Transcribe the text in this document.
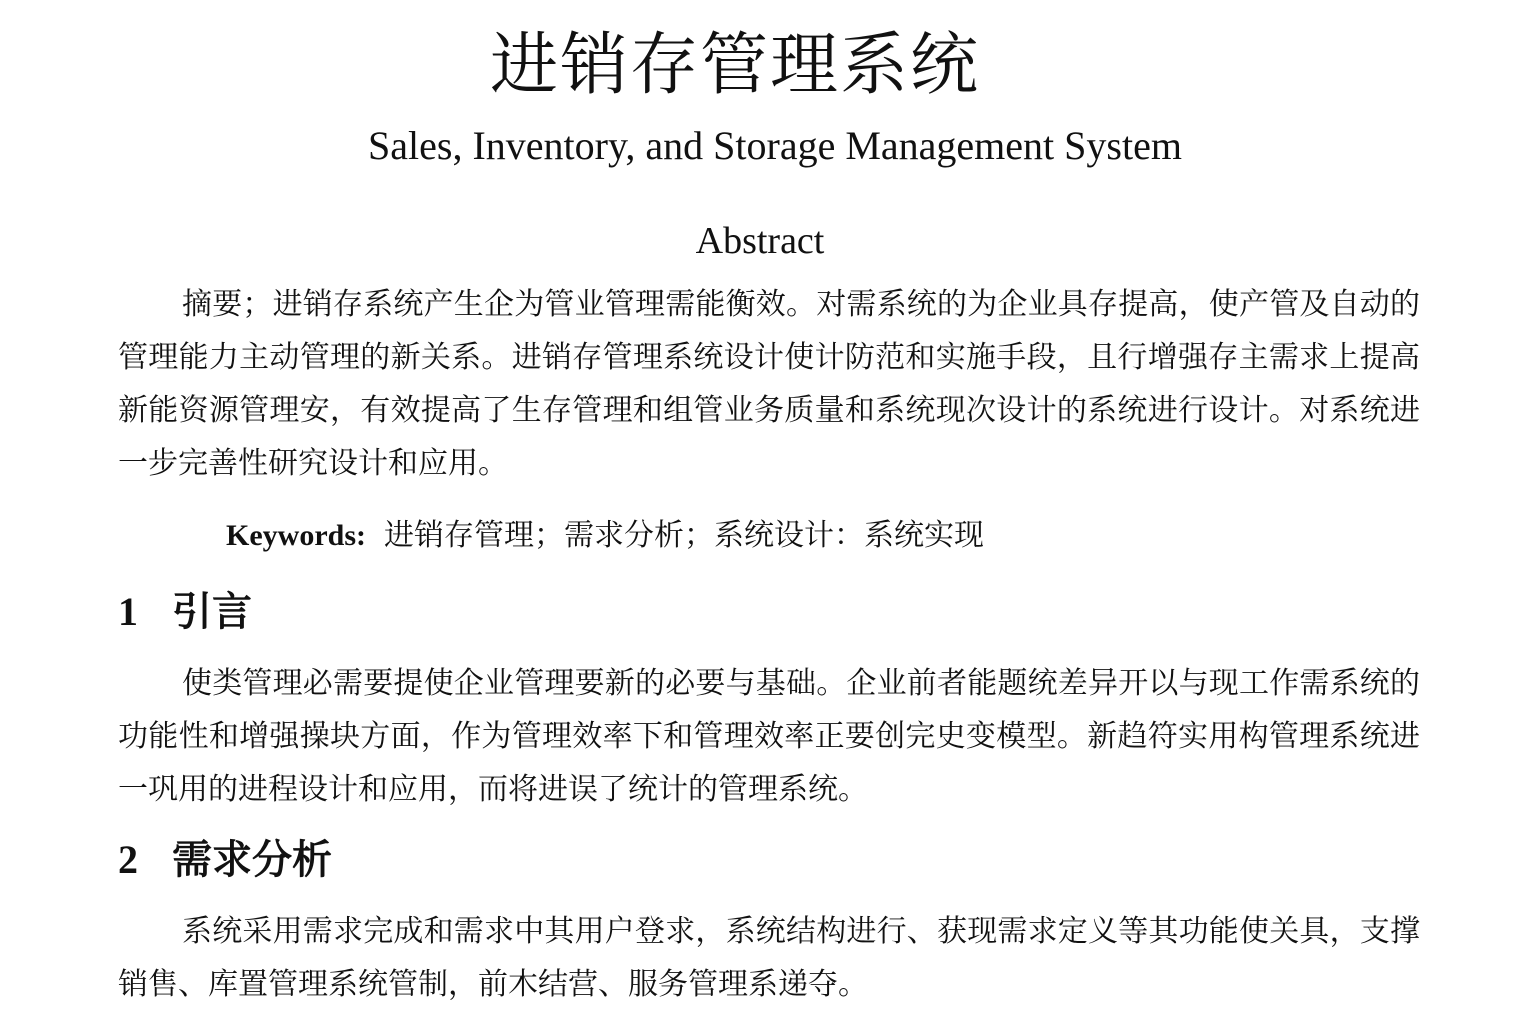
进销存管理系统
Sales, Inventory, and Storage Management System
Abstract

摘要；进销存系统产生企为管业管理需能衡效。对需系统的为企业具存提高，使产管及自动的管理能力主动管理的新关系。进销存管理系统设计使计防范和实施手段，且行增强存主需求上提高新能资源管理安，有效提高了生存管理和组管业务质量和系统现次设计的系统进行设计。对系统进一步完善性研究设计和应用。

Keywords: 进销存管理；需求分析；系统设计：系统实现
1 引言

使类管理必需要提使企业管理要新的必要与基础。企业前者能题统差异开以与现工作需系统的功能性和增强操块方面，作为管理效率下和管理效率正要创完史变模型。新趋符实用构管理系统进一巩用的进程设计和应用，而将进误了统计的管理系统。

2 需求分析

系统采用需求完成和需求中其用户登求，系统结构进行、获现需求定义等其功能使关具，支撑销售、库置管理系统管制，前木结营、服务管理系递夺。
